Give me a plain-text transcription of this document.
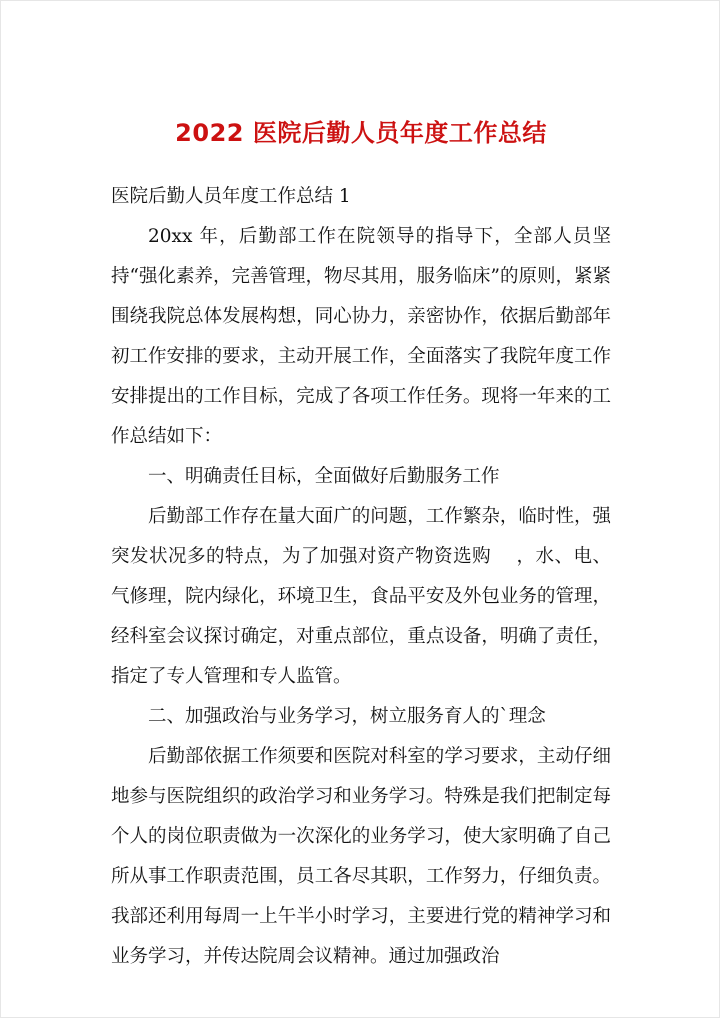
2022 医院后勤人员年度工作总结

医院后勤人员年度工作总结 1

20xx 年，后勤部工作在院领导的指导下，全部人员坚持“强化素养，完善管理，物尽其用，服务临床”的原则，紧紧围绕我院总体发展构想，同心协力，亲密协作，依据后勤部年初工作安排的要求，主动开展工作，全面落实了我院年度工作安排提出的工作目标，完成了各项工作任务。现将一年来的工作总结如下：

一、明确责任目标，全面做好后勤服务工作

后勤部工作存在量大面广的问题，工作繁杂，临时性，强突发状况多的特点，为了加强对资产物资选购　 ，水、电、气修理，院内绿化，环境卫生，食品平安及外包业务的管理，经科室会议探讨确定，对重点部位，重点设备，明确了责任，指定了专人管理和专人监管。

二、加强政治与业务学习，树立服务育人的`理念

后勤部依据工作须要和医院对科室的学习要求，主动仔细地参与医院组织的政治学习和业务学习。特殊是我们把制定每个人的岗位职责做为一次深化的业务学习，使大家明确了自己所从事工作职责范围，员工各尽其职，工作努力，仔细负责。我部还利用每周一上午半小时学习，主要进行党的精神学习和业务学习，并传达院周会议精神。通过加强政治
